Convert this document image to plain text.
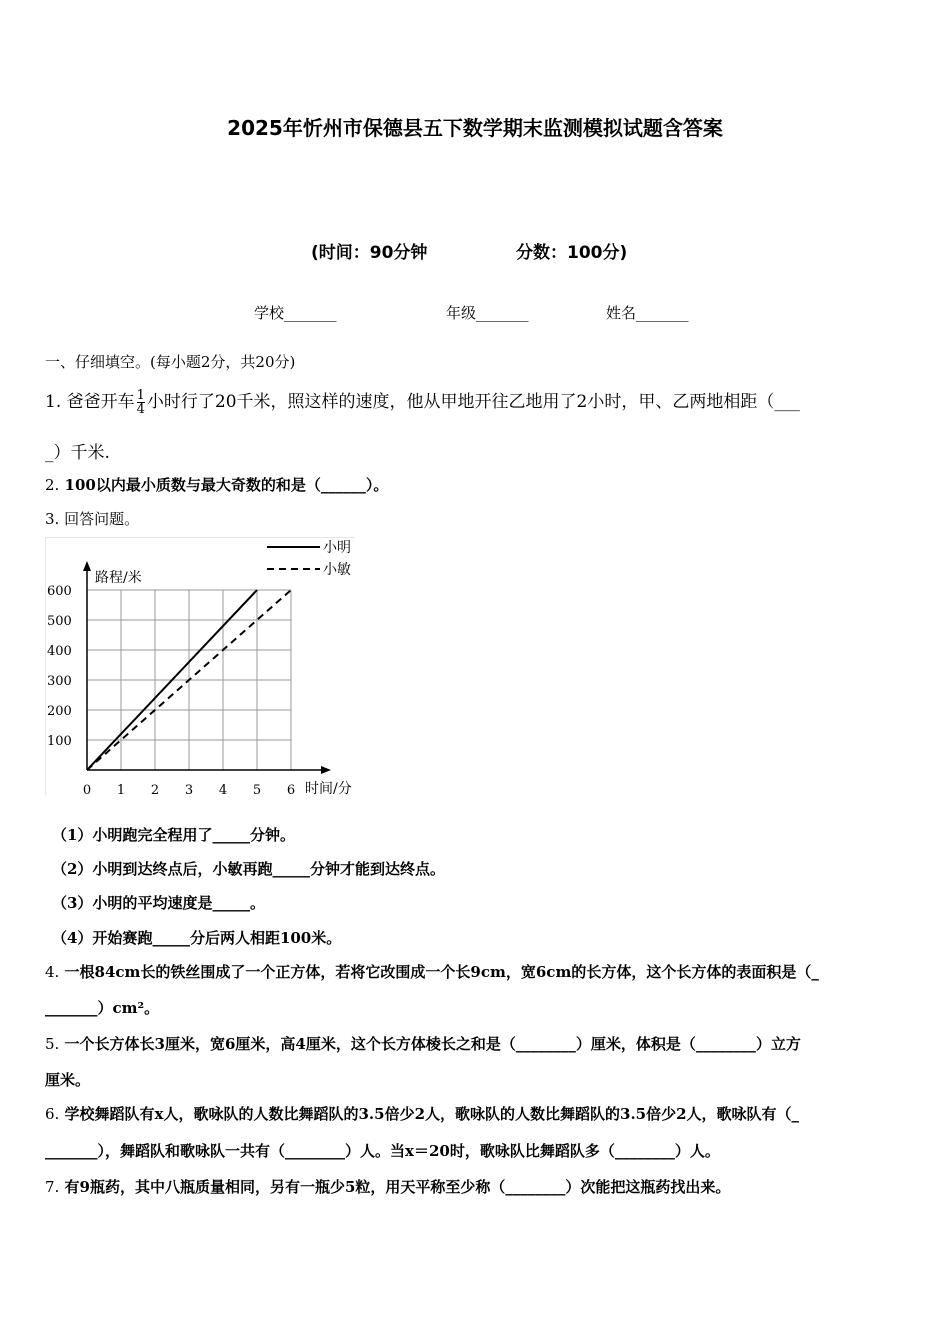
2025年忻州市保德县五下数学期末监测模拟试题含答案
(时间：90分钟	分数：100分)
学校_______	年级_______	姓名_______
一、仔细填空。(每小题2分，共20分)
1. 爸爸开车 $\frac{1}{4}$ 小时行了20千米，照这样的速度，他从甲地开往乙地用了2小时，甲、乙两地相距（___
_）千米.
2. 100以内最小质数与最大奇数的和是（______）。
3. 回答问题。
0 1 2 3 4 5 6
100
200
300
400
500
600
路程/米
时间/分
小明
小敏
（1）小明跑完全程用了_____分钟。
（2）小明到达终点后，小敏再跑_____分钟才能到达终点。
（3）小明的平均速度是_____。
（4）开始赛跑_____分后两人相距100米。
4. 一根84cm长的铁丝围成了一个正方体，若将它改围成一个长9cm，宽6cm的长方体，这个长方体的表面积是（_
_______）cm²。
5. 一个长方体长3厘米，宽6厘米，高4厘米，这个长方体棱长之和是（________）厘米，体积是（________）立方
厘米。
6. 学校舞蹈队有x人，歌咏队的人数比舞蹈队的3.5倍少2人，歌咏队的人数比舞蹈队的3.5倍少2人，歌咏队有（_
_______），舞蹈队和歌咏队一共有（________）人。当x＝20时，歌咏队比舞蹈队多（________）人。
7. 有9瓶药，其中八瓶质量相同，另有一瓶少5粒，用天平称至少称（________）次能把这瓶药找出来。
